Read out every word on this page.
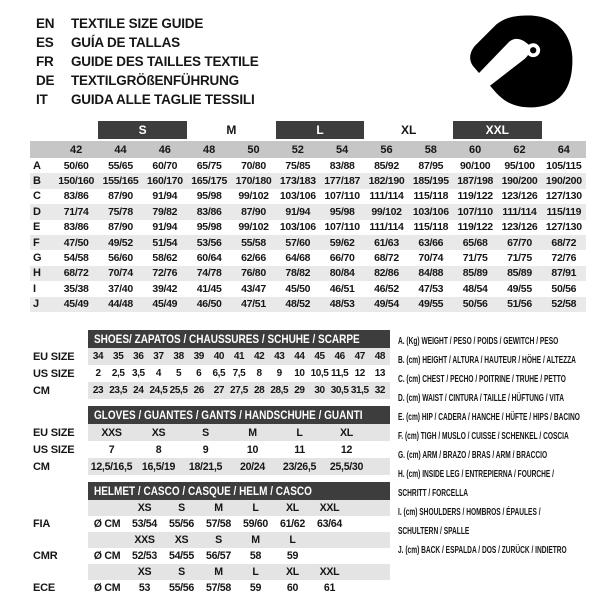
EN	TEXTILE SIZE GUIDE
ES	GUÍA DE TALLAS
FR	GUIDE DES TAILLES TEXTILE
DE	TEXTILGRÖßENFÜHRUNG
IT	GUIDA ALLE TAGLIE TESSILI
S	M	L	XL	XXL
42	44	46	48	50	52	54	56	58	60	62	64
A	50/60	55/65	60/70	65/75	70/80	75/85	83/88	85/92	87/95	90/100	95/100	105/115
B	150/160 155/165 160/170 165/175 170/180 173/183 177/187 182/190 185/195 187/198 190/200 190/200
C	83/86	87/90	91/94	95/98	99/102	103/106 107/110 111/114 115/118 119/122 123/126 127/130
D	71/74	75/78	79/82	83/86	87/90	91/94	95/98	99/102	103/106 107/110 111/114 115/119
E	83/86	87/90	91/94	95/98	99/102	103/106 107/110 111/114 115/118 119/122 123/126 127/130
F	47/50	49/52	51/54	53/56	55/58	57/60	59/62	61/63	63/66	65/68	67/70	68/72
G	54/58	56/60	58/62	60/64	62/66	64/68	66/70	68/72	70/74	71/75	71/75	72/76
H	68/72	70/74	72/76	74/78	76/80	78/82	80/84	82/86	84/88	85/89	85/89	87/91
I	35/38	37/40	39/42	41/45	43/47	45/50	46/51	46/52	47/53	48/54	49/55	50/56
J	45/49	44/48	45/49	46/50	47/51	48/52	48/53	49/54	49/55	50/56	51/56	52/58
SHOES/ ZAPATOS / CHAUSSURES / SCHUHE / SCARPE
EU SIZE	34 35 36 37 38 39 40 41 42 43 44 45 46 47 48
US SIZE	2	2,5 3,5	4	5	6	6,5 7,5	8	9	10 10,5 11,5 12 13
CM	23 23,5 24 24,5 25,5 26 27 27,5 28 28,5 29 30 30,5 31,5 32
GLOVES / GUANTES / GANTS / HANDSCHUHE / GUANTI
EU SIZE	XXS	XS	S	M	L	XL
US SIZE	7	8	9	10	11	12
CM	12,5/16,5 16,5/19	18/21,5	20/24	23/26,5	25,5/30
HELMET / CASCO / CASQUE / HELM / CASCO
XS	S	M	L	XL	XXL
FIA	Ø CM	53/54	55/56	57/58	59/60	61/62	63/64
XXS	XS	S	M	L
CMR	Ø CM	52/53	54/55	56/57	58	59
XS	S	M	L	XL	XXL
ECE	Ø CM	53	55/56	57/58	59	60	61
A. (Kg) WEIGHT / PESO / POIDS / GEWITCH / PESO
B. (cm) HEIGHT / ALTURA / HAUTEUR / HÖHE / ALTEZZA
C. (cm) CHEST / PECHO / POITRINE / TRUHE / PETTO
D. (cm) WAIST / CINTURA / TAILLE / HÜFTUNG / VITA
E. (cm) HIP / CADERA / HANCHE / HÜFTE / HIPS / BACINO
F. (cm) TIGH / MUSLO / CUISSE / SCHENKEL / COSCIA
G. (cm) ARM / BRAZO / BRAS / ARM / BRACCIO
H. (cm) INSIDE LEG / ENTREPIERNA / FOURCHE /
SCHRITT / FORCELLA
I. (cm) SHOULDERS / HOMBROS / ÉPAULES /
SCHULTERN / SPALLE
J. (cm) BACK / ESPALDA / DOS / ZURÜCK / INDIETRO
